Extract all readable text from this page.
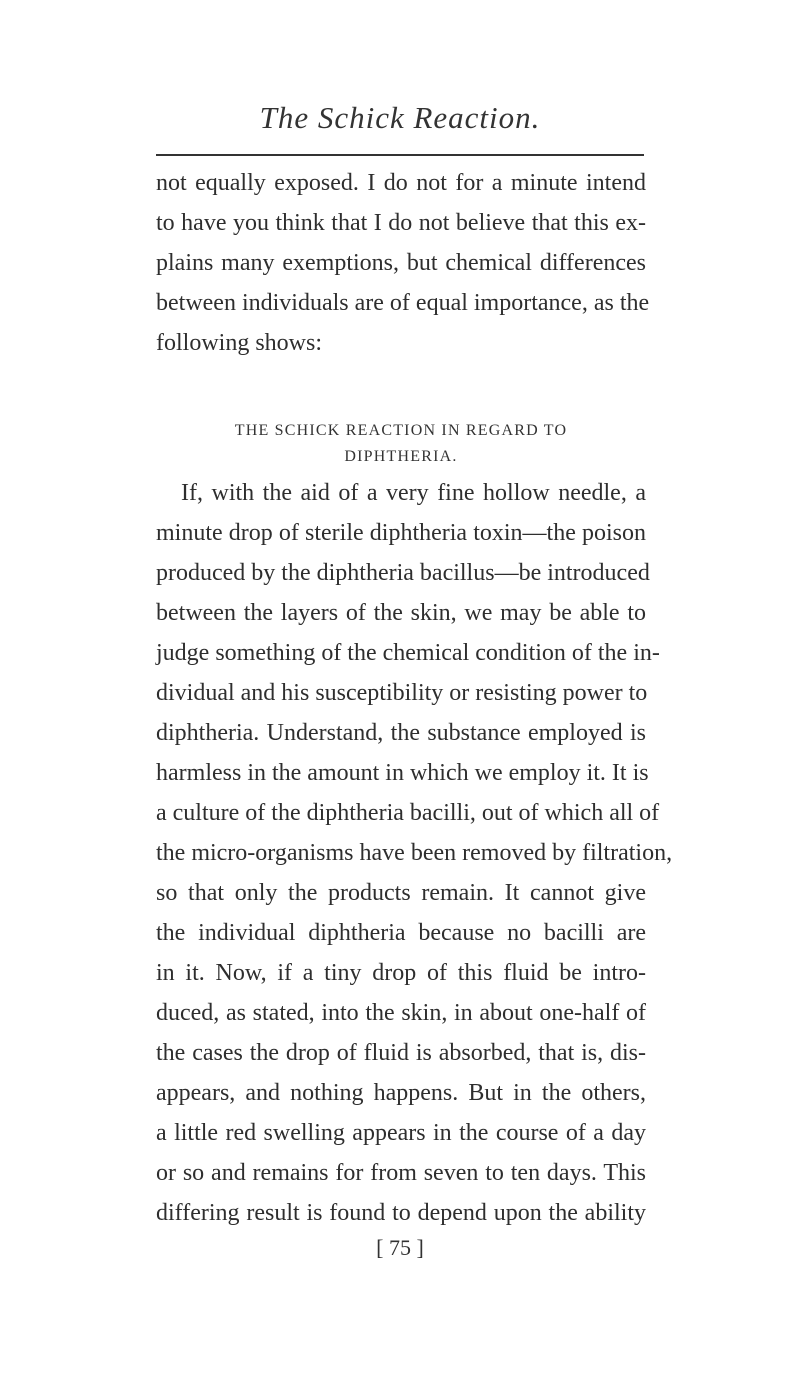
The Schick Reaction.
not equally exposed. I do not for a minute intend
to have you think that I do not believe that this ex-
plains many exemptions, but chemical differences
between individuals are of equal importance, as the
following shows:
THE SCHICK REACTION IN REGARD TO
DIPHTHERIA.
If, with the aid of a very fine hollow needle, a
minute drop of sterile diphtheria toxin—the poison
produced by the diphtheria bacillus—be introduced
between the layers of the skin, we may be able to
judge something of the chemical condition of the in-
dividual and his susceptibility or resisting power to
diphtheria. Understand, the substance employed is
harmless in the amount in which we employ it. It is
a culture of the diphtheria bacilli, out of which all of
the micro-organisms have been removed by filtration,
so that only the products remain. It cannot give
the individual diphtheria because no bacilli are
in it. Now, if a tiny drop of this fluid be intro-
duced, as stated, into the skin, in about one-half of
the cases the drop of fluid is absorbed, that is, dis-
appears, and nothing happens. But in the others,
a little red swelling appears in the course of a day
or so and remains for from seven to ten days. This
differing result is found to depend upon the ability
[ 75 ]
